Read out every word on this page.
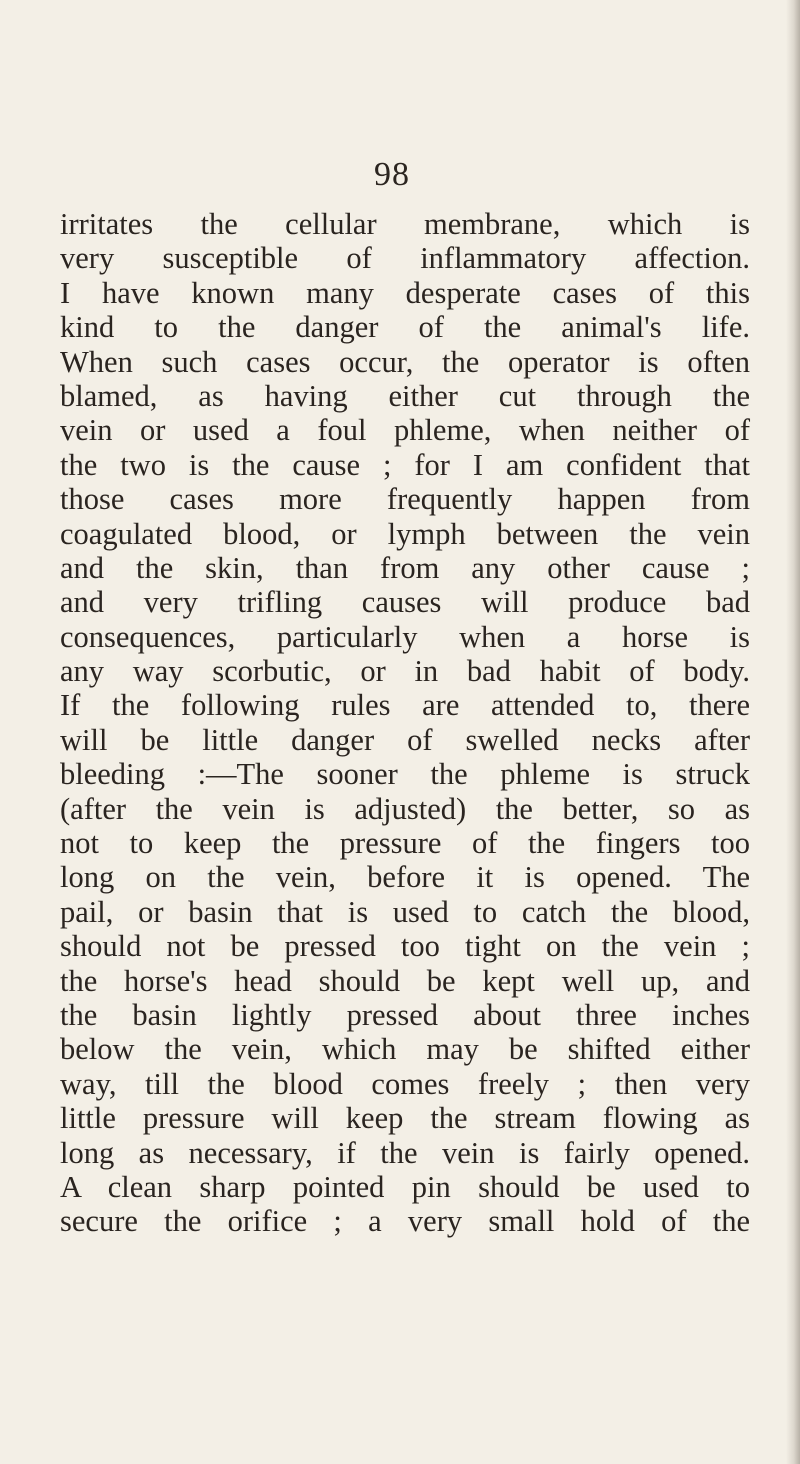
98
irritates the cellular membrane, which is
very susceptible of inflammatory affection.
I have known many desperate cases of this
kind to the danger of the animal's life.
When such cases occur, the operator is often
blamed, as having either cut through the
vein or used a foul phleme, when neither of
the two is the cause ; for I am confident that
those cases more frequently happen from
coagulated blood, or lymph between the vein
and the skin, than from any other cause ;
and very trifling causes will produce bad
consequences, particularly when a horse is
any way scorbutic, or in bad habit of body.
If the following rules are attended to, there
will be little danger of swelled necks after
bleeding :—The sooner the phleme is struck
(after the vein is adjusted) the better, so as
not to keep the pressure of the fingers too
long on the vein, before it is opened. The
pail, or basin that is used to catch the blood,
should not be pressed too tight on the vein ;
the horse's head should be kept well up, and
the basin lightly pressed about three inches
below the vein, which may be shifted either
way, till the blood comes freely ; then very
little pressure will keep the stream flowing as
long as necessary, if the vein is fairly opened.
A clean sharp pointed pin should be used to
secure the orifice ; a very small hold of the
